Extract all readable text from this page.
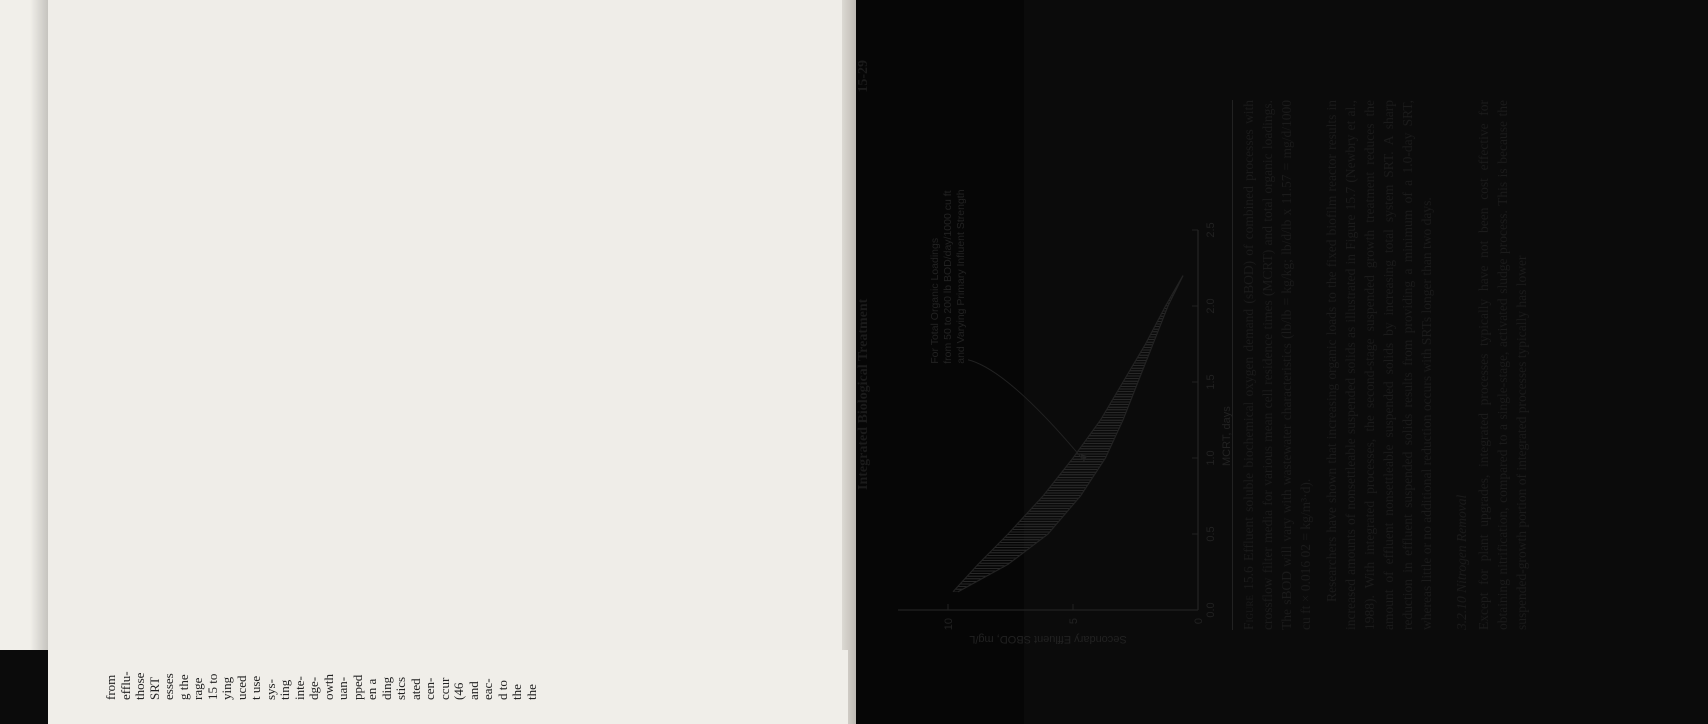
Integrated Biological Treatment
15-29
0.0
0.5
1.0
1.5
2.0
2.5
0
5
10
Secondary Effluent SBOD, mg/L
MCRT, days
For Total Organic Loadings from 50 to 200 lb BOD/day/1000 cu ft and Varying Primary Influent Strength
Figure 15.6 Effluent soluble biochemical oxygen demand (sBOD) of combined processes with crossflow filter media for various mean cell residence times (MCRT) and total organic loadings. The sBOD will vary with wastewater characteristics (lb/lb = kg/kg; lb/d/lb x 11.57 = mg/d/1000 cu ft × 0.016 02 = kg/m³·d). Researchers have shown that increasing organic loads to the fixed biofilm reactor results in increased amounts of nonsettleable suspended solids as illustrated in Figure 15.7 (Newbry et al., 1988). With integrated processes, the second-stage suspended growth treatment reduces the amount of effluent nonsettleable suspended solids by increasing total system SRT. A sharp reduction in effluent suspended solids results from providing a minimum of a 1.0-day SRT, whereas little or no additional reduction occurs with SRTs longer than two days. 3.2.10 Nitrogen Removal Except for plant upgrades, integrated processes typically have not been cost effective for obtaining nitrification, compared to a single-stage, activated sludge process. This is because the suspended-growth portion of integrated processes typically has lower
from efflu- those SRT esses g the rage 15 to ying uced t use sys- ting inte- dge- owth uan- pped en a ding stics ated cen- ccur (46 and eac- d to the the
